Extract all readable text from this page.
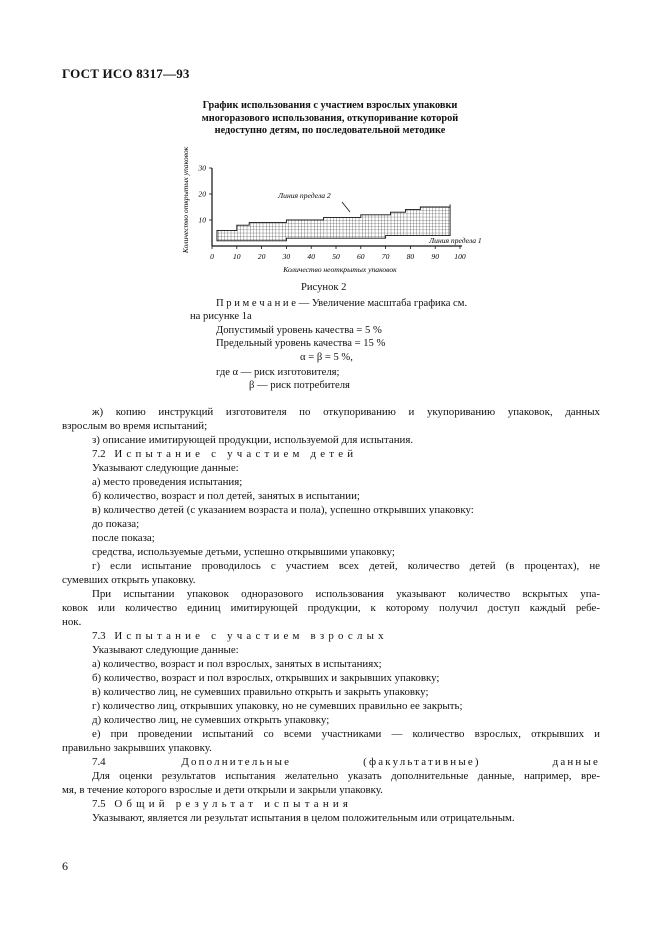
ГОСТ ИСО 8317—93
График использования с участием взрослых упаковки
многоразового использования, откупоривание которой
недоступно детям, по последовательной методике
Количество открытых упаковок 10
20
30
0	10 20 30 40 50 60 70 80 90 100
Линия предела 2
Линия предела 1
Количество неоткрытых упаковок
Рисунок 2
П р и м е ч а н и е — Увеличение масштаба графика см.
на рисунке 1а
Допустимый уровень качества = 5 %
Предельный уровень качества = 15 %
α = β = 5 %,
где α — риск изготовителя;
β — риск потребителя
ж) копию инструкций изготовителя по откупориванию и укупориванию упаковок, данных
взрослым во время испытаний;
з) описание имитирующей продукции, используемой для испытания.
7.2 Испытание с участием детей
Указывают следующие данные:
а) место проведения испытания;
б) количество, возраст и пол детей, занятых в испытании;
в) количество детей (с указанием возраста и пола), успешно открывших упаковку:
до показа;
после показа;
средства, используемые детьми, успешно открывшими упаковку;
г) если испытание проводилось с участием всех детей, количество детей (в процентах), не
сумевших открыть упаковку.
При испытании упаковок одноразового использования указывают количество вскрытых упа-
ковок или количество единиц имитирующей продукции, к которому получил доступ каждый ребе-
нок.
7.3 Испытание с участием взрослых
Указывают следующие данные:
а) количество, возраст и пол взрослых, занятых в испытаниях;
б) количество, возраст и пол взрослых, открывших и закрывших упаковку;
в) количество лиц, не сумевших правильно открыть и закрыть упаковку;
г) количество лиц, открывших упаковку, но не сумевших правильно ее закрыть;
д) количество лиц, не сумевших открыть упаковку;
е) при проведении испытаний со всеми участниками — количество взрослых, открывших и
правильно закрывших упаковку.
7.4	Дополнительные (факультативные) данные
Для оценки результатов испытания желательно указать дополнительные данные, например, вре-
мя, в течение которого взрослые и дети открыли и закрыли упаковку.
7.5 Общий результат испытания
Указывают, является ли результат испытания в целом положительным или отрицательным.
6
